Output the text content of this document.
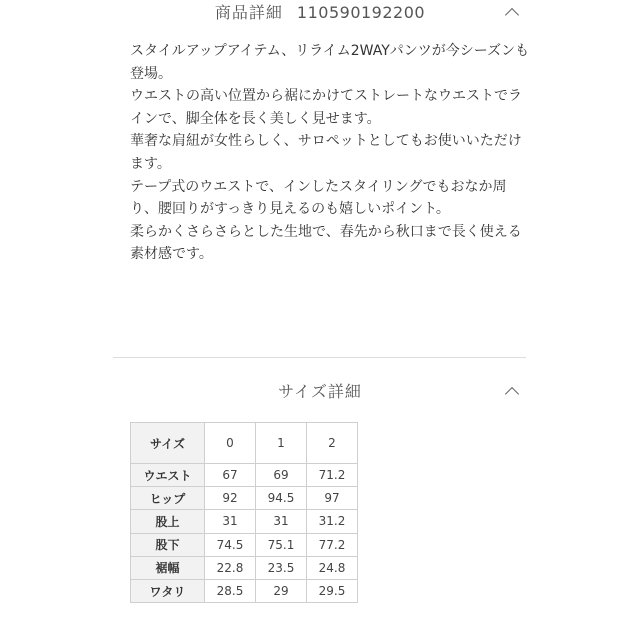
商品詳細 110590192200

スタイルアップアイテム、リライム2WAYパンツが今シーズンも登場。

ウエストの高い位置から裾にかけてストレートなウエストでラインで、脚全体を長く美しく見せます。

華奢な肩紐が女性らしく、サロペットとしてもお使いいただけます。

テープ式のウエストで、インしたスタイリングでもおなか周り、腰回りがすっきり見えるのも嬉しいポイント。

柔らかくさらさらとした生地で、春先から秋口まで長く使える素材感です。

サイズ詳細
サイズ	0	1	2
ウエスト	67	69	71.2
ヒップ	92	94.5	97
股上	31	31	31.2
股下	74.5	75.1	77.2
裾幅	22.8	23.5	24.8
ワタリ	28.5	29	29.5
